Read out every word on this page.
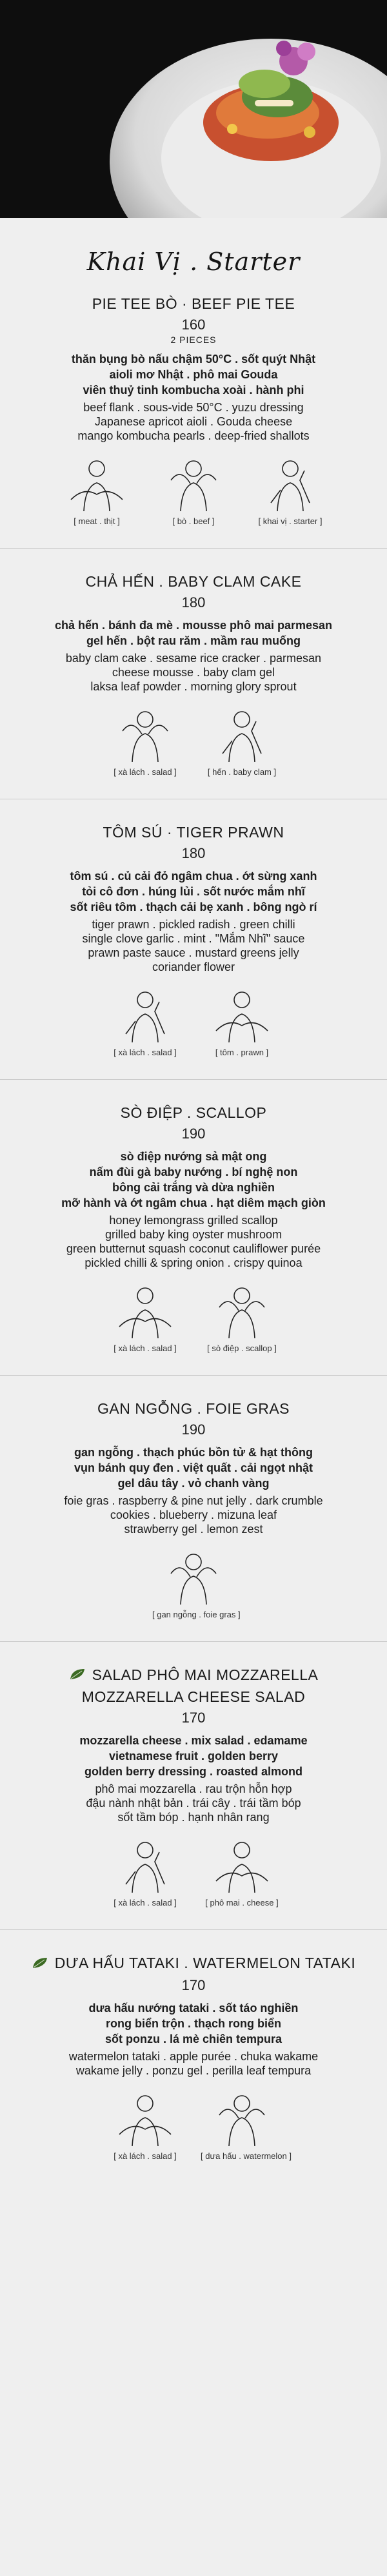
Khai Vị . Starter
PIE TEE BÒ · BEEF PIE TEE
160
2 PIECES
thăn bụng bò nấu chậm 50°C . sốt quýt Nhật
aioli mơ Nhật . phô mai Gouda
viên thuỷ tinh kombucha xoài . hành phi
beef flank . sous-vide 50°C . yuzu dressing
Japanese apricot aioli . Gouda cheese
mango kombucha pearls . deep-fried shallots
[ meat . thịt ]	[ bò . beef ]	[ khai vị . starter ]
CHẢ HẾN . BABY CLAM CAKE
180
chả hến . bánh đa mè . mousse phô mai parmesan
gel hến . bột rau răm . mầm rau muống
baby clam cake . sesame rice cracker . parmesan
cheese mousse . baby clam gel
laksa leaf powder . morning glory sprout
[ xà lách . salad ]	[ hến . baby clam ]
TÔM SÚ · TIGER PRAWN
180
tôm sú . củ cải đỏ ngâm chua . ớt sừng xanh
tỏi cô đơn . húng lủi . sốt nước mắm nhĩ
sốt riêu tôm . thạch cải bẹ xanh . bông ngò rí
tiger prawn . pickled radish . green chilli
single clove garlic . mint . "Mắm Nhĩ" sauce
prawn paste sauce . mustard greens jelly
coriander flower
[ xà lách . salad ]	[ tôm . prawn ]
SÒ ĐIỆP . SCALLOP
190
sò điệp nướng sả mật ong
nấm đùi gà baby nướng . bí nghệ non
bông cải trắng và dừa nghiền
mỡ hành và ớt ngâm chua . hạt diêm mạch giòn
honey lemongrass grilled scallop
grilled baby king oyster mushroom
green butternut squash coconut cauliflower purée
pickled chilli & spring onion . crispy quinoa
[ xà lách . salad ]	[ sò điệp . scallop ]
GAN NGỖNG . FOIE GRAS
190
gan ngỗng . thạch phúc bồn tử & hạt thông
vụn bánh quy đen . việt quất . cải ngọt nhật
gel dâu tây . vỏ chanh vàng
foie gras . raspberry & pine nut jelly . dark crumble
cookies . blueberry . mizuna leaf
strawberry gel . lemon zest
[ gan ngỗng . foie gras ]
SALAD PHÔ MAI MOZZARELLA
MOZZARELLA CHEESE SALAD
170
mozzarella cheese . mix salad . edamame
vietnamese fruit . golden berry
golden berry dressing . roasted almond
phô mai mozzarella . rau trộn hỗn hợp
đậu nành nhật bản . trái cây . trái tầm bóp
sốt tầm bóp . hạnh nhân rang
[ xà lách . salad ]	[ phô mai . cheese ]
DƯA HẤU TATAKI . WATERMELON TATAKI
170
dưa hấu nướng tataki . sốt táo nghiền
rong biển trộn . thạch rong biển
sốt ponzu . lá mè chiên tempura
watermelon tataki . apple purée . chuka wakame
wakame jelly . ponzu gel . perilla leaf tempura
[ xà lách . salad ]	[ dưa hấu . watermelon ]
